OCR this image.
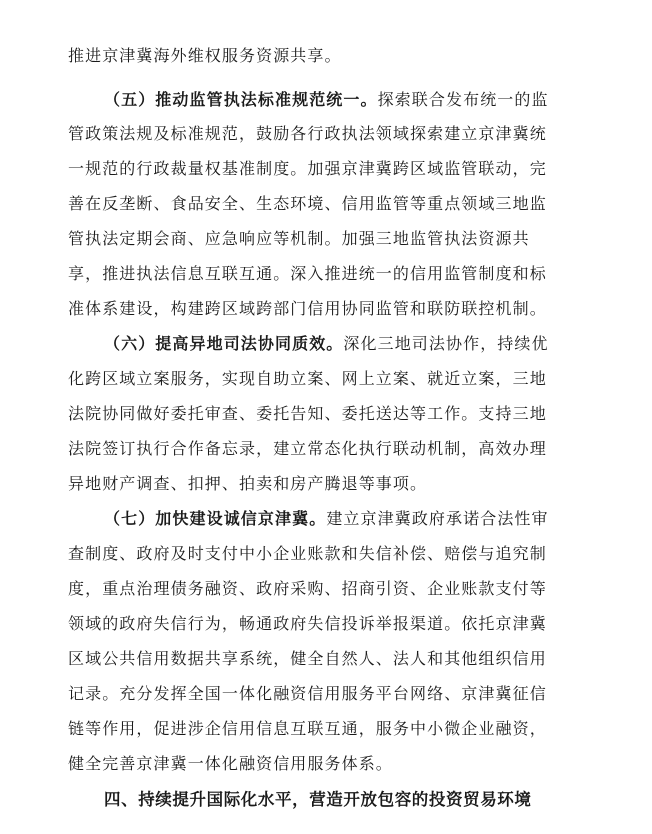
推进京津冀海外维权服务资源共享。
（五）推动监管执法标准规范统一。探索联合发布统一的监
管政策法规及标准规范，鼓励各行政执法领域探索建立京津冀统
一规范的行政裁量权基准制度。加强京津冀跨区域监管联动，完
善在反垄断、食品安全、生态环境、信用监管等重点领域三地监
管执法定期会商、应急响应等机制。加强三地监管执法资源共
享，推进执法信息互联互通。深入推进统一的信用监管制度和标
准体系建设，构建跨区域跨部门信用协同监管和联防联控机制。
（六）提高异地司法协同质效。深化三地司法协作，持续优
化跨区域立案服务，实现自助立案、网上立案、就近立案，三地
法院协同做好委托审查、委托告知、委托送达等工作。支持三地
法院签订执行合作备忘录，建立常态化执行联动机制，高效办理
异地财产调查、扣押、拍卖和房产腾退等事项。
（七）加快建设诚信京津冀。建立京津冀政府承诺合法性审
查制度、政府及时支付中小企业账款和失信补偿、赔偿与追究制
度，重点治理债务融资、政府采购、招商引资、企业账款支付等
领域的政府失信行为，畅通政府失信投诉举报渠道。依托京津冀
区域公共信用数据共享系统，健全自然人、法人和其他组织信用
记录。充分发挥全国一体化融资信用服务平台网络、京津冀征信
链等作用，促进涉企信用信息互联互通，服务中小微企业融资，
健全完善京津冀一体化融资信用服务体系。
四、持续提升国际化水平，营造开放包容的投资贸易环境
